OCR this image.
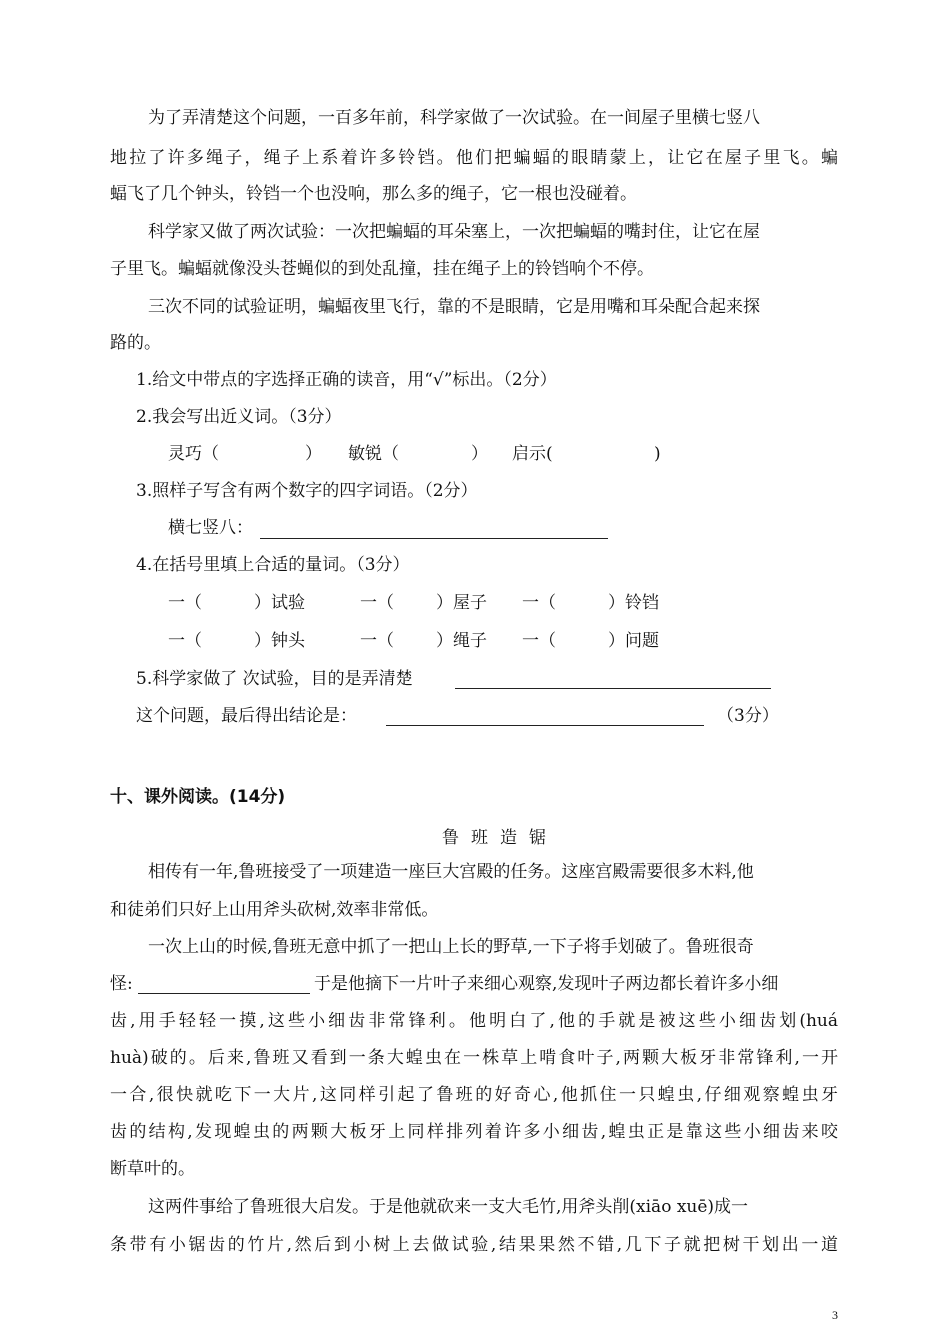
为了弄清楚这个问题，一百多年前，科学家做了一次试验。在一间屋子里横七竖八
地拉了许多绳子，绳子上系着许多铃铛。他们把蝙蝠的眼睛蒙上，让它在屋子里飞。蝙
蝠飞了几个钟头，铃铛一个也没响，那么多的绳子，它一根也没碰着。
科学家又做了两次试验：一次把蝙蝠的耳朵塞上，一次把蝙蝠的嘴封住，让它在屋
子里飞。蝙蝠就像没头苍蝇似的到处乱撞，挂在绳子上的铃铛响个不停。
三次不同的试验证明，蝙蝠夜里飞行，靠的不是眼睛，它是用嘴和耳朵配合起来探
路的。
1.给文中带点的字选择正确的读音，用“√”标出。（2分）
2.我会写出近义词。（3分）
灵巧（	） 敏锐（	） 启示(	)
3.照样子写含有两个数字的四字词语。（2分）
横七竖八：
4.在括号里填上合适的量词。（3分）
一（	）试验	一（ ）屋子 一（	）铃铛
一（	）钟头	一（ ）绳子 一（	）问题
5.科学家做了 次试验，目的是弄清楚
这个问题，最后得出结论是：	（3分）
十、课外阅读。(14分)
鲁班造锯
相传有一年,鲁班接受了一项建造一座巨大宫殿的任务。这座宫殿需要很多木料,他
和徒弟们只好上山用斧头砍树,效率非常低。
一次上山的时候,鲁班无意中抓了一把山上长的野草,一下子将手划破了。鲁班很奇
怪:	于是他摘下一片叶子来细心观察,发现叶子两边都长着许多小细
齿,用手轻轻一摸,这些小细齿非常锋利。他明白了,他的手就是被这些小细齿划(huá
huà)破的。后来,鲁班又看到一条大蝗虫在一株草上啃食叶子,两颗大板牙非常锋利,一开
一合,很快就吃下一大片,这同样引起了鲁班的好奇心,他抓住一只蝗虫,仔细观察蝗虫牙
齿的结构,发现蝗虫的两颗大板牙上同样排列着许多小细齿,蝗虫正是靠这些小细齿来咬
断草叶的。
这两件事给了鲁班很大启发。于是他就砍来一支大毛竹,用斧头削(xiāo xuē)成一
条带有小锯齿的竹片,然后到小树上去做试验,结果果然不错,几下子就把树干划出一道
3
